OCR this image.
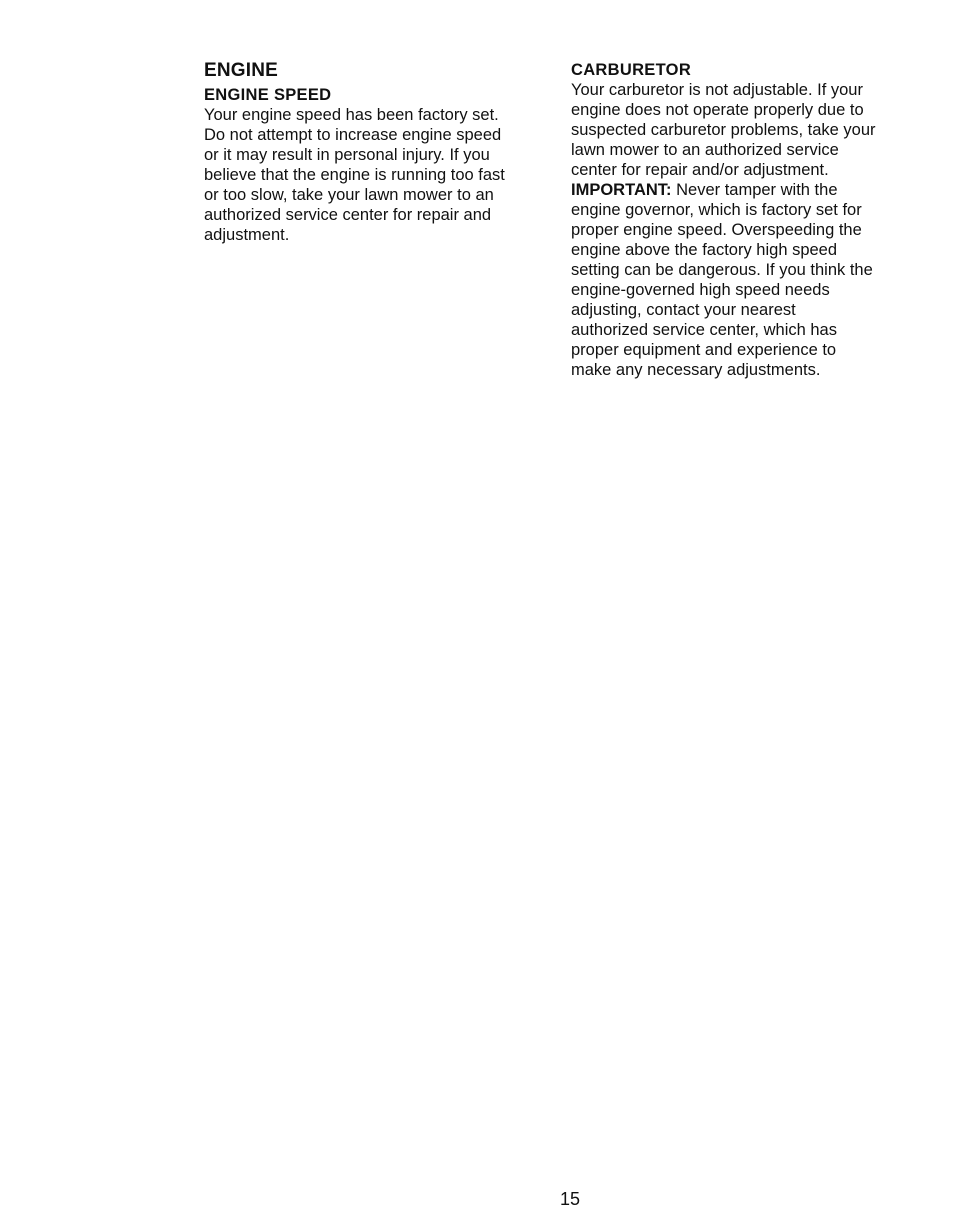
ENGINE
ENGINE SPEED
Your engine speed has been factory set.
Do not attempt to increase engine speed
or it may result in personal injury. If you
believe that the engine is running too fast
or too slow, take your lawn mower to an
authorized service center for repair and
adjustment.
CARBURETOR
Your carburetor is not adjustable. If your
engine does not operate properly due to
suspected carburetor problems, take your
lawn mower to an authorized service
center for repair and/or adjustment.
IMPORTANT: Never tamper with the
engine governor, which is factory set for
proper engine speed. Overspeeding the
engine above the factory high speed
setting can be dangerous. If you think the
engine-governed high speed needs
adjusting, contact your nearest
authorized service center, which has
proper equipment and experience to
make any necessary adjustments.
15
